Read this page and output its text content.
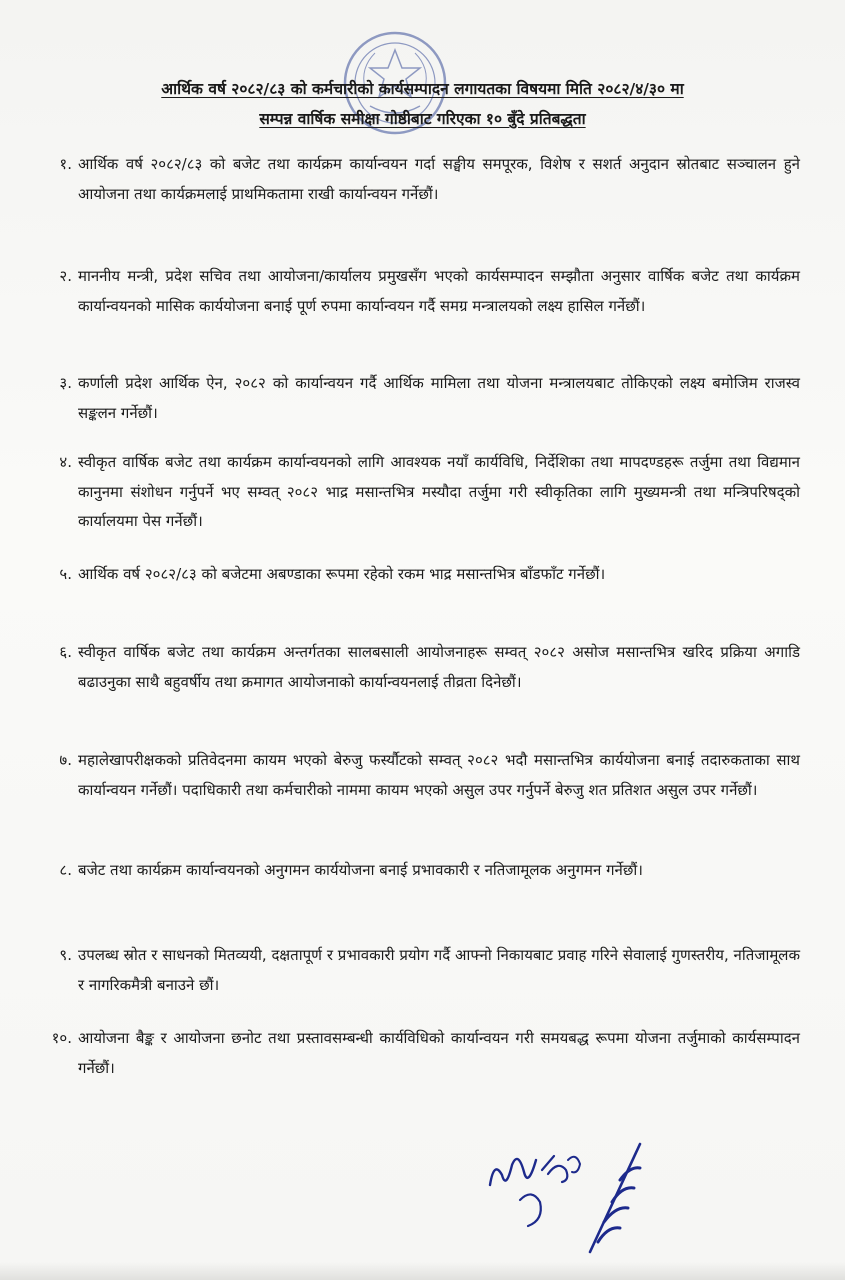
आर्थिक वर्ष २०८२/८३ को कर्मचारीको कार्यसम्पादन लगायतका विषयमा मिति २०८२/४/३० मा
सम्पन्न वार्षिक समीक्षा गोष्ठीबाट गरिएका १० बुँदे प्रतिबद्धता
१. आर्थिक वर्ष २०८२/८३ को बजेट तथा कार्यक्रम कार्यान्वयन गर्दा सङ्घीय समपूरक, विशेष र सशर्त अनुदान स्रोतबाट सञ्चालन हुने आयोजना तथा कार्यक्रमलाई प्राथमिकतामा राखी कार्यान्वयन गर्नेछौं।
२. माननीय मन्त्री, प्रदेश सचिव तथा आयोजना/कार्यालय प्रमुखसँग भएको कार्यसम्पादन सम्झौता अनुसार वार्षिक बजेट तथा कार्यक्रम कार्यान्वयनको मासिक कार्ययोजना बनाई पूर्ण रुपमा कार्यान्वयन गर्दै समग्र मन्त्रालयको लक्ष्य हासिल गर्नेछौं।
३. कर्णाली प्रदेश आर्थिक ऐन, २०८२ को कार्यान्वयन गर्दै आर्थिक मामिला तथा योजना मन्त्रालयबाट तोकिएको लक्ष्य बमोजिम राजस्व सङ्कलन गर्नेछौं।
४. स्वीकृत वार्षिक बजेट तथा कार्यक्रम कार्यान्वयनको लागि आवश्यक नयाँ कार्यविधि, निर्देशिका तथा मापदण्डहरू तर्जुमा तथा विद्यमान कानुनमा संशोधन गर्नुपर्ने भए सम्वत् २०८२ भाद्र मसान्तभित्र मस्यौदा तर्जुमा गरी स्वीकृतिका लागि मुख्यमन्त्री तथा मन्त्रिपरिषद्को कार्यालयमा पेस गर्नेछौं।
५. आर्थिक वर्ष २०८२/८३ को बजेटमा अबण्डाका रूपमा रहेको रकम भाद्र मसान्तभित्र बाँडफाँट गर्नेछौं।
६. स्वीकृत वार्षिक बजेट तथा कार्यक्रम अन्तर्गतका सालबसाली आयोजनाहरू सम्वत् २०८२ असोज मसान्तभित्र खरिद प्रक्रिया अगाडि बढाउनुका साथै बहुवर्षीय तथा क्रमागत आयोजनाको कार्यान्वयनलाई तीव्रता दिनेछौं।
७. महालेखापरीक्षकको प्रतिवेदनमा कायम भएको बेरुजु फर्स्यौटको सम्वत् २०८२ भदौ मसान्तभित्र कार्ययोजना बनाई तदारुकताका साथ कार्यान्वयन गर्नेछौं। पदाधिकारी तथा कर्मचारीको नाममा कायम भएको असुल उपर गर्नुपर्ने बेरुजु शत प्रतिशत असुल उपर गर्नेछौं।
८. बजेट तथा कार्यक्रम कार्यान्वयनको अनुगमन कार्ययोजना बनाई प्रभावकारी र नतिजामूलक अनुगमन गर्नेछौं।
९. उपलब्ध स्रोत र साधनको मितव्ययी, दक्षतापूर्ण र प्रभावकारी प्रयोग गर्दै आफ्नो निकायबाट प्रवाह गरिने सेवालाई गुणस्तरीय, नतिजामूलक र नागरिकमैत्री बनाउने छौं।
१०. आयोजना बैङ्क र आयोजना छनोट तथा प्रस्तावसम्बन्धी कार्यविधिको कार्यान्वयन गरी समयबद्ध रूपमा योजना तर्जुमाको कार्यसम्पादन गर्नेछौं।
